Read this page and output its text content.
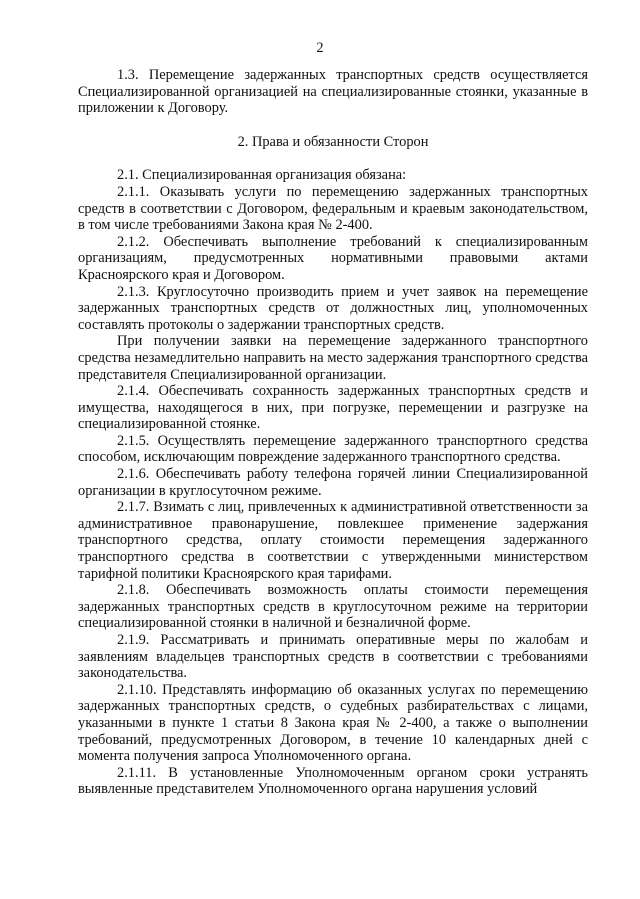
2

1.3. Перемещение задержанных транспортных средств осуществляется Специализированной организацией на специализированные стоянки, указанные в приложении к Договору.

2. Права и обязанности Сторон

2.1. Специализированная организация обязана:

2.1.1. Оказывать услуги по перемещению задержанных транспортных средств в соответствии с Договором, федеральным и краевым законодательством, в том числе требованиями Закона края № 2-400.

2.1.2. Обеспечивать выполнение требований к специализированным организациям, предусмотренных нормативными правовыми актами Красноярского края и Договором.

2.1.3. Круглосуточно производить прием и учет заявок на перемещение задержанных транспортных средств от должностных лиц, уполномоченных составлять протоколы о задержании транспортных средств.

При получении заявки на перемещение задержанного транспортного средства незамедлительно направить на место задержания транспортного средства представителя Специализированной организации.

2.1.4. Обеспечивать сохранность задержанных транспортных средств и имущества, находящегося в них, при погрузке, перемещении и разгрузке на специализированной стоянке.

2.1.5. Осуществлять перемещение задержанного транспортного средства способом, исключающим повреждение задержанного транспортного средства.

2.1.6. Обеспечивать работу телефона горячей линии Специализированной организации в круглосуточном режиме.

2.1.7. Взимать с лиц, привлеченных к административной ответственности за административное правонарушение, повлекшее применение задержания транспортного средства, оплату стоимости перемещения задержанного транспортного средства в соответствии с утвержденными министерством тарифной политики Красноярского края тарифами.

2.1.8. Обеспечивать возможность оплаты стоимости перемещения задержанных транспортных средств в круглосуточном режиме на территории специализированной стоянки в наличной и безналичной форме.

2.1.9. Рассматривать и принимать оперативные меры по жалобам и заявлениям владельцев транспортных средств в соответствии с требованиями законодательства.

2.1.10. Представлять информацию об оказанных услугах по перемещению задержанных транспортных средств, о судебных разбирательствах с лицами, указанными в пункте 1 статьи 8 Закона края № 2-400, а также о выполнении требований, предусмотренных Договором, в течение 10 календарных дней с момента получения запроса Уполномоченного органа.

2.1.11. В установленные Уполномоченным органом сроки устранять выявленные представителем Уполномоченного органа нарушения условий
